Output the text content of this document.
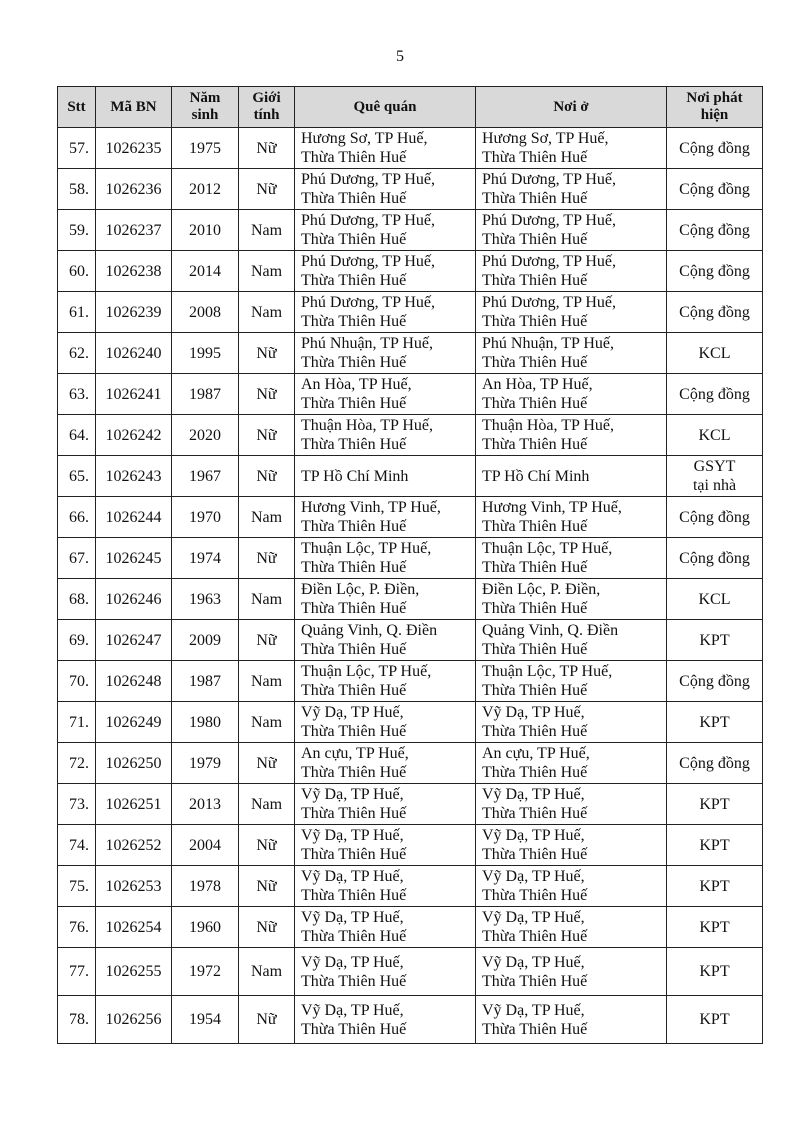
5
Stt	Mã BN	Năm sinh	Giới tính	Quê quán	Nơi ở	Nơi phát hiện
57.	1026235	1975	Nữ	Hương Sơ, TP Huế,
Thừa Thiên Huế	Hương Sơ, TP Huế,
Thừa Thiên Huế	Cộng đồng

58.	1026236	2012	Nữ	Phú Dương, TP Huế,
Thừa Thiên Huế	Phú Dương, TP Huế,
Thừa Thiên Huế	Cộng đồng

59.	1026237	2010	Nam	Phú Dương, TP Huế,
Thừa Thiên Huế	Phú Dương, TP Huế,
Thừa Thiên Huế	Cộng đồng

60.	1026238	2014	Nam	Phú Dương, TP Huế,
Thừa Thiên Huế	Phú Dương, TP Huế,
Thừa Thiên Huế	Cộng đồng

61.	1026239	2008	Nam	Phú Dương, TP Huế,
Thừa Thiên Huế	Phú Dương, TP Huế,
Thừa Thiên Huế	Cộng đồng

62.	1026240	1995	Nữ	Phú Nhuận, TP Huế,
Thừa Thiên Huế	Phú Nhuận, TP Huế,
Thừa Thiên Huế	KCL

63.	1026241	1987	Nữ	An Hòa, TP Huế,
Thừa Thiên Huế	An Hòa, TP Huế,
Thừa Thiên Huế	Cộng đồng

64.	1026242	2020	Nữ	Thuận Hòa, TP Huế,
Thừa Thiên Huế	Thuận Hòa, TP Huế,
Thừa Thiên Huế	KCL

65.	1026243	1967	Nữ	TP Hồ Chí Minh	TP Hồ Chí Minh	GSYT
tại nhà

66.	1026244	1970	Nam	Hương Vinh, TP Huế,
Thừa Thiên Huế	Hương Vinh, TP Huế,
Thừa Thiên Huế	Cộng đồng

67.	1026245	1974	Nữ	Thuận Lộc, TP Huế,
Thừa Thiên Huế	Thuận Lộc, TP Huế,
Thừa Thiên Huế	Cộng đồng

68.	1026246	1963	Nam	Điền Lộc, P. Điền,
Thừa Thiên Huế	Điền Lộc, P. Điền,
Thừa Thiên Huế	KCL

69.	1026247	2009	Nữ	Quảng Vinh, Q. Điền
Thừa Thiên Huế	Quảng Vinh, Q. Điền
Thừa Thiên Huế	KPT

70.	1026248	1987	Nam	Thuận Lộc, TP Huế,
Thừa Thiên Huế	Thuận Lộc, TP Huế,
Thừa Thiên Huế	Cộng đồng

71.	1026249	1980	Nam	Vỹ Dạ, TP Huế,
Thừa Thiên Huế	Vỹ Dạ, TP Huế,
Thừa Thiên Huế	KPT

72.	1026250	1979	Nữ	An cựu, TP Huế,
Thừa Thiên Huế	An cựu, TP Huế,
Thừa Thiên Huế	Cộng đồng

73.	1026251	2013	Nam	Vỹ Dạ, TP Huế,
Thừa Thiên Huế	Vỹ Dạ, TP Huế,
Thừa Thiên Huế	KPT

74.	1026252	2004	Nữ	Vỹ Dạ, TP Huế,
Thừa Thiên Huế	Vỹ Dạ, TP Huế,
Thừa Thiên Huế	KPT

75.	1026253	1978	Nữ	Vỹ Dạ, TP Huế,
Thừa Thiên Huế	Vỹ Dạ, TP Huế,
Thừa Thiên Huế	KPT

76.	1026254	1960	Nữ	Vỹ Dạ, TP Huế,
Thừa Thiên Huế	Vỹ Dạ, TP Huế,
Thừa Thiên Huế	KPT

77.	1026255	1972	Nam	Vỹ Dạ, TP Huế,
Thừa Thiên Huế	Vỹ Dạ, TP Huế,
Thừa Thiên Huế	KPT

78.	1026256	1954	Nữ	Vỹ Dạ, TP Huế,
Thừa Thiên Huế	Vỹ Dạ, TP Huế,
Thừa Thiên Huế	KPT
